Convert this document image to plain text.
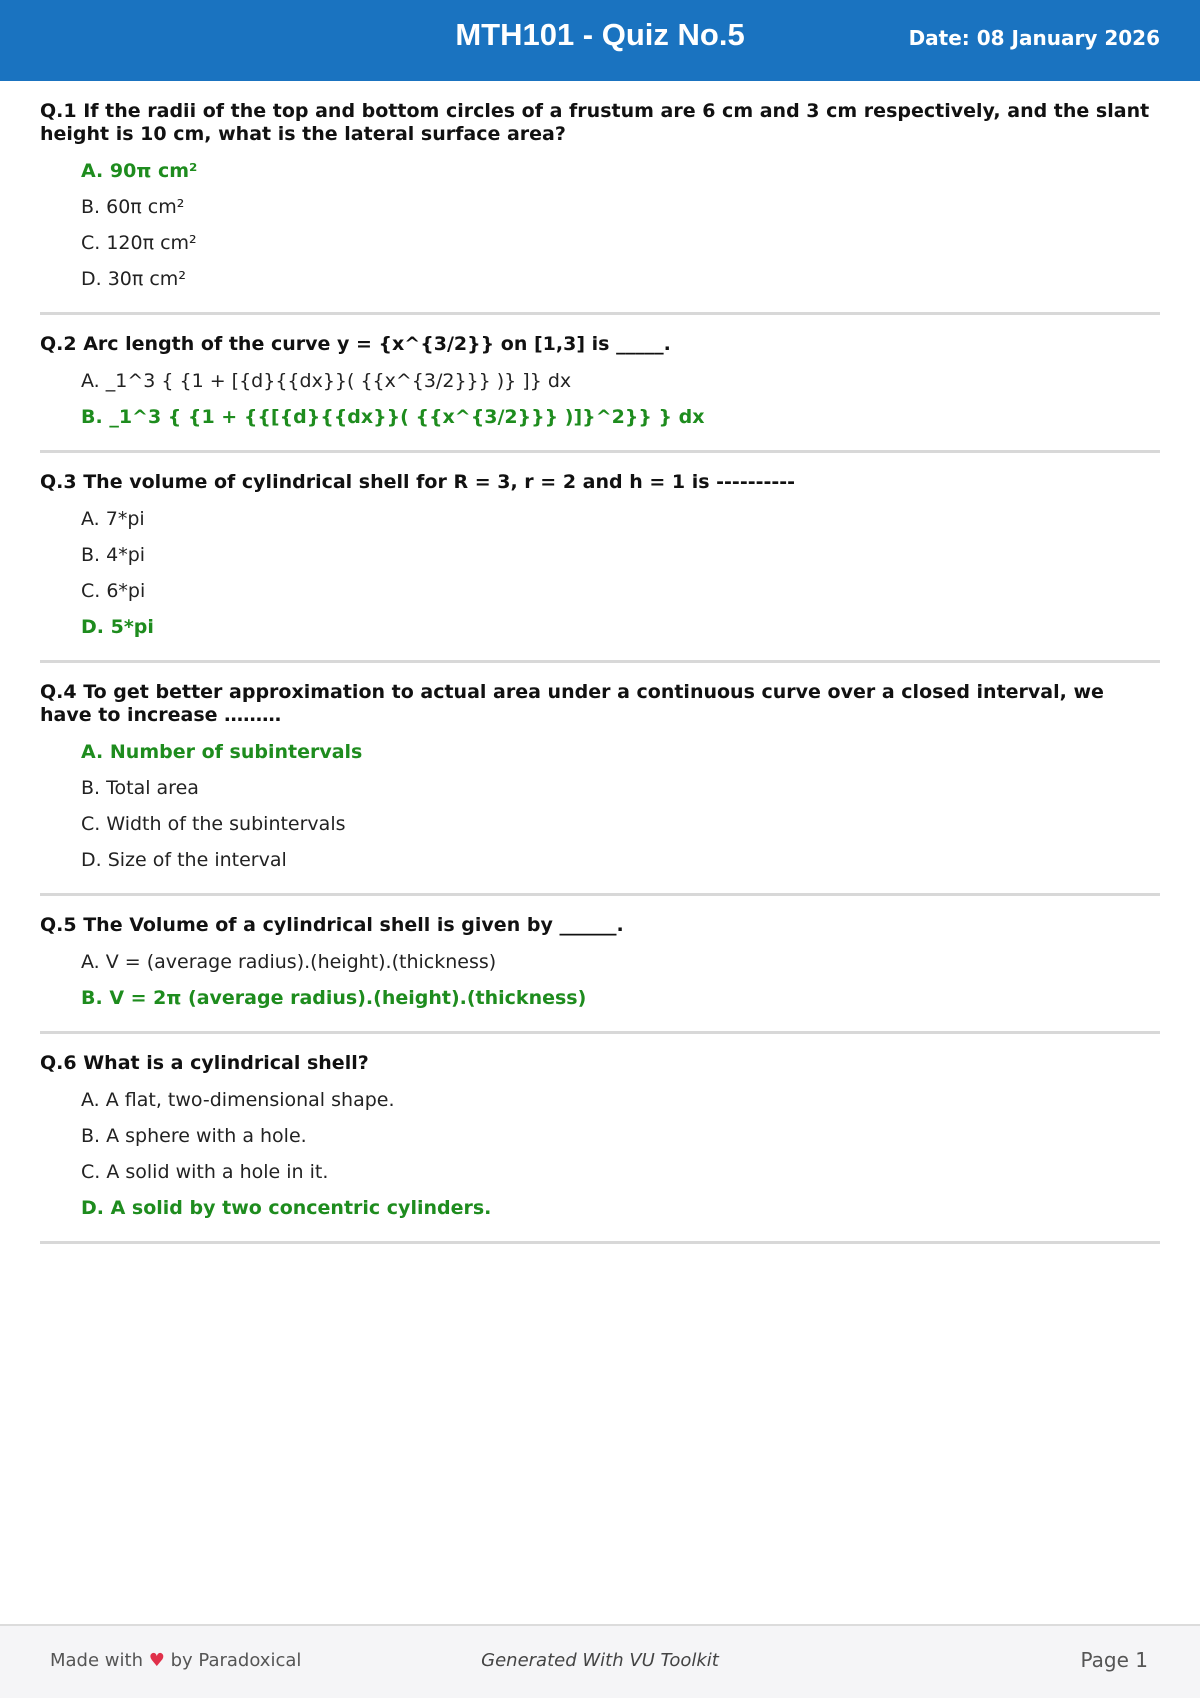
MTH101 - Quiz No.5	Date: 08 January 2026

Q.1 If the radii of the top and bottom circles of a frustum are 6 cm and 3 cm respectively, and the slant height is 10 cm, what is the lateral surface area?

A. 90π cm²
B. 60π cm²
C. 120π cm²
D. 30π cm²

Q.2 Arc length of the curve y = {x^{3/2}} on [1,3] is _____.

A. _1^3 { {1 + [{d}{{dx}}( {{x^{3/2}}} )} ]} dx
B. _1^3 { {1 + {{[{d}{{dx}}( {{x^{3/2}}} )]}^2}} } dx

Q.3 The volume of cylindrical shell for R = 3, r = 2 and h = 1 is ----------

A. 7*pi
B. 4*pi
C. 6*pi
D. 5*pi

Q.4 To get better approximation to actual area under a continuous curve over a closed interval, we have to increase ………

A. Number of subintervals
B. Total area
C. Width of the subintervals
D. Size of the interval

Q.5 The Volume of a cylindrical shell is given by ______.

A. V = (average radius).(height).(thickness)
B. V = 2π (average radius).(height).(thickness)

Q.6 What is a cylindrical shell?

A. A flat, two-dimensional shape.
B. A sphere with a hole.
C. A solid with a hole in it.
D. A solid by two concentric cylinders.
Made with ♥ by Paradoxical	Generated With VU Toolkit	Page 1
